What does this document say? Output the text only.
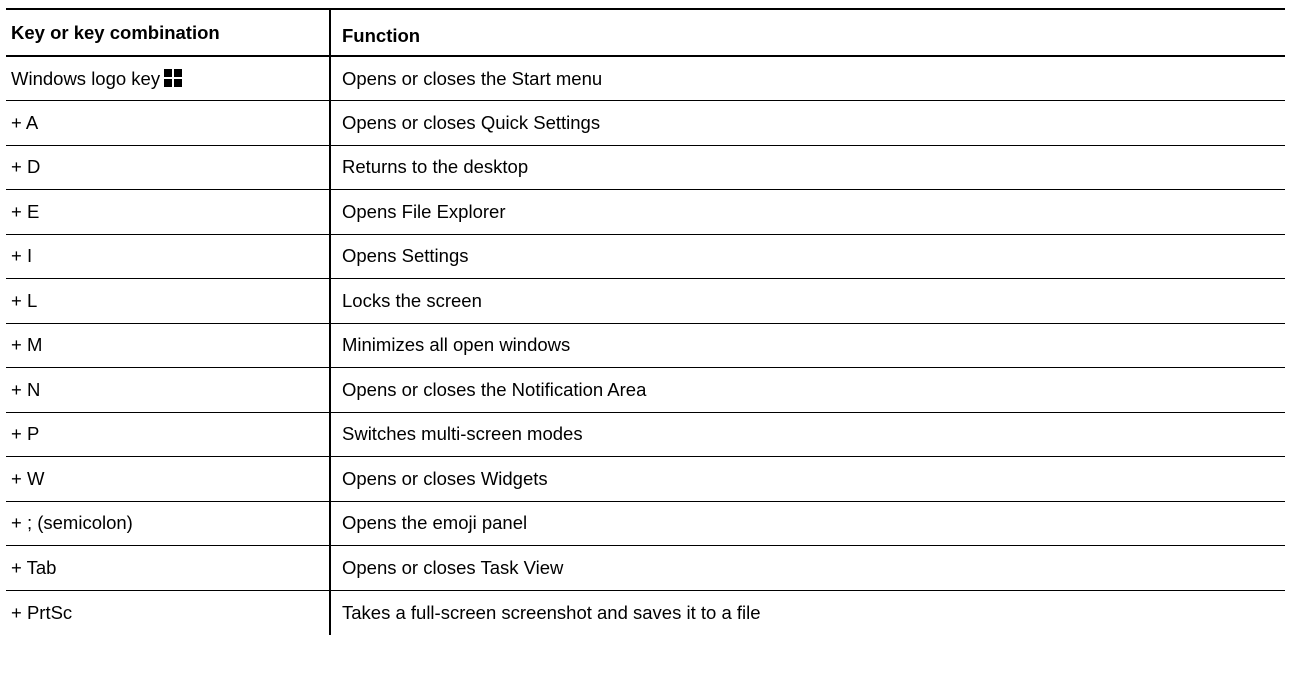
Key or key combination	Function
Windows logo key	Opens or closes the Start menu
+ A	Opens or closes Quick Settings
+ D	Returns to the desktop
+ E	Opens File Explorer
+ I	Opens Settings
+ L	Locks the screen
+ M	Minimizes all open windows
+ N	Opens or closes the Notification Area
+ P	Switches multi-screen modes
+ W	Opens or closes Widgets
+ ; (semicolon)	Opens the emoji panel
+ Tab	Opens or closes Task View
+ PrtSc	Takes a full-screen screenshot and saves it to a file
